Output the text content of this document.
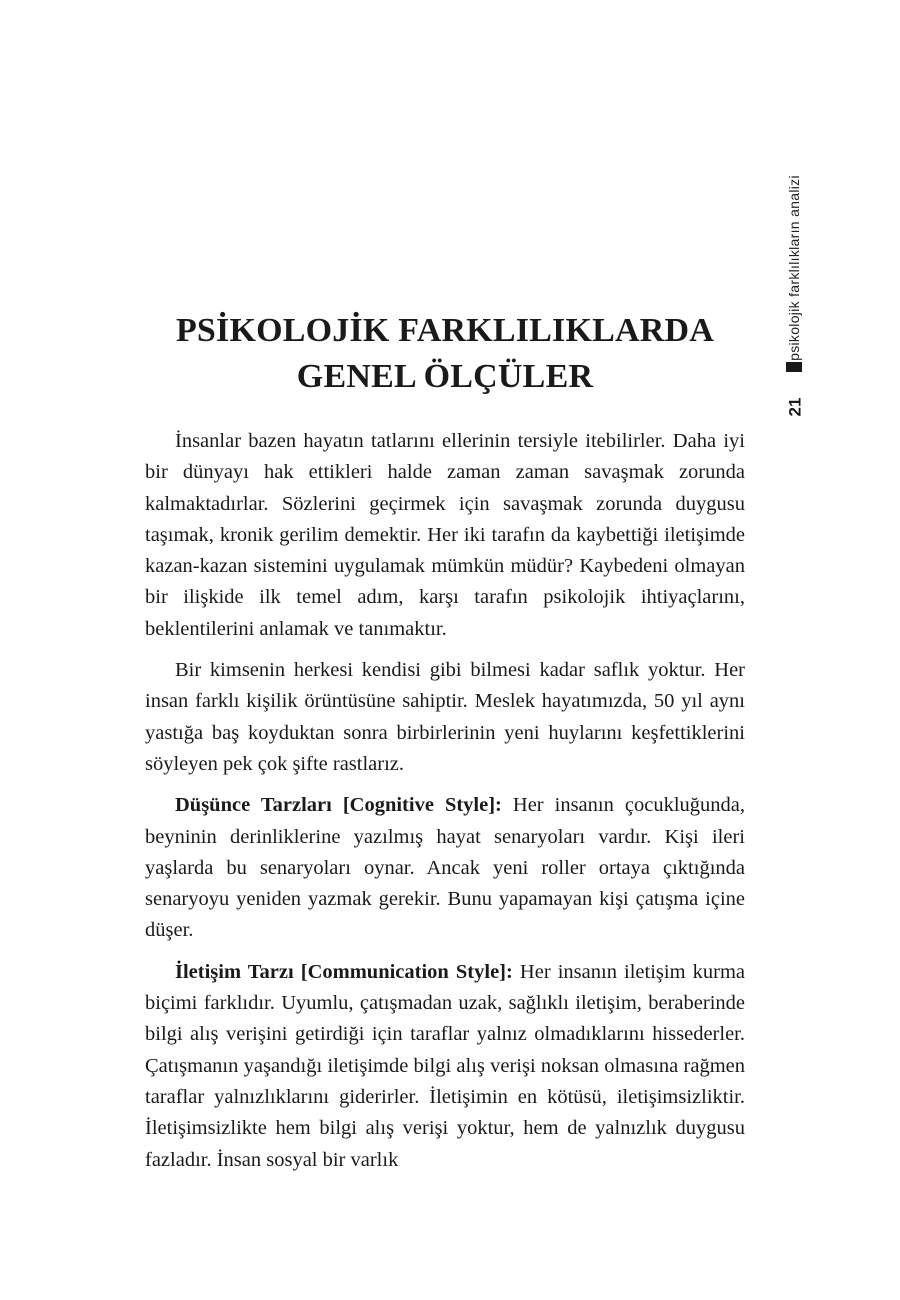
psikolojik farklılıkların analizi
21
PSİKOLOJİK FARKLILIKLARDA
GENEL ÖLÇÜLER

İnsanlar bazen hayatın tatlarını ellerinin tersiyle itebilirler. Daha iyi bir dünyayı hak ettikleri halde zaman zaman savaşmak zorunda kalmaktadırlar. Sözlerini geçirmek için savaşmak zorunda duygusu taşımak, kronik gerilim demektir. Her iki tarafın da kaybettiği iletişimde kazan-kazan sistemini uygulamak mümkün müdür? Kaybedeni olmayan bir ilişkide ilk temel adım, karşı tarafın psikolojik ihtiyaçlarını, beklentilerini anlamak ve tanımaktır.

Bir kimsenin herkesi kendisi gibi bilmesi kadar saflık yoktur. Her insan farklı kişilik örüntüsüne sahiptir. Meslek hayatımızda, 50 yıl aynı yastığa baş koyduktan sonra birbirlerinin yeni huylarını keşfettiklerini söyleyen pek çok şifte rastlarız.

Düşünce Tarzları [Cognitive Style]: Her insanın çocukluğunda, beyninin derinliklerine yazılmış hayat senaryoları vardır. Kişi ileri yaşlarda bu senaryoları oynar. Ancak yeni roller ortaya çıktığında senaryoyu yeniden yazmak gerekir. Bunu yapamayan kişi çatışma içine düşer.

İletişim Tarzı [Communication Style]: Her insanın iletişim kurma biçimi farklıdır. Uyumlu, çatışmadan uzak, sağlıklı iletişim, beraberinde bilgi alış verişini getirdiği için taraflar yalnız olmadıklarını hissederler. Çatışmanın yaşandığı iletişimde bilgi alış verişi noksan olmasına rağmen taraflar yalnızlıklarını giderirler. İletişimin en kötüsü, iletişimsizliktir. İletişimsizlikte hem bilgi alış verişi yoktur, hem de yalnızlık duygusu fazladır. İnsan sosyal bir varlık
